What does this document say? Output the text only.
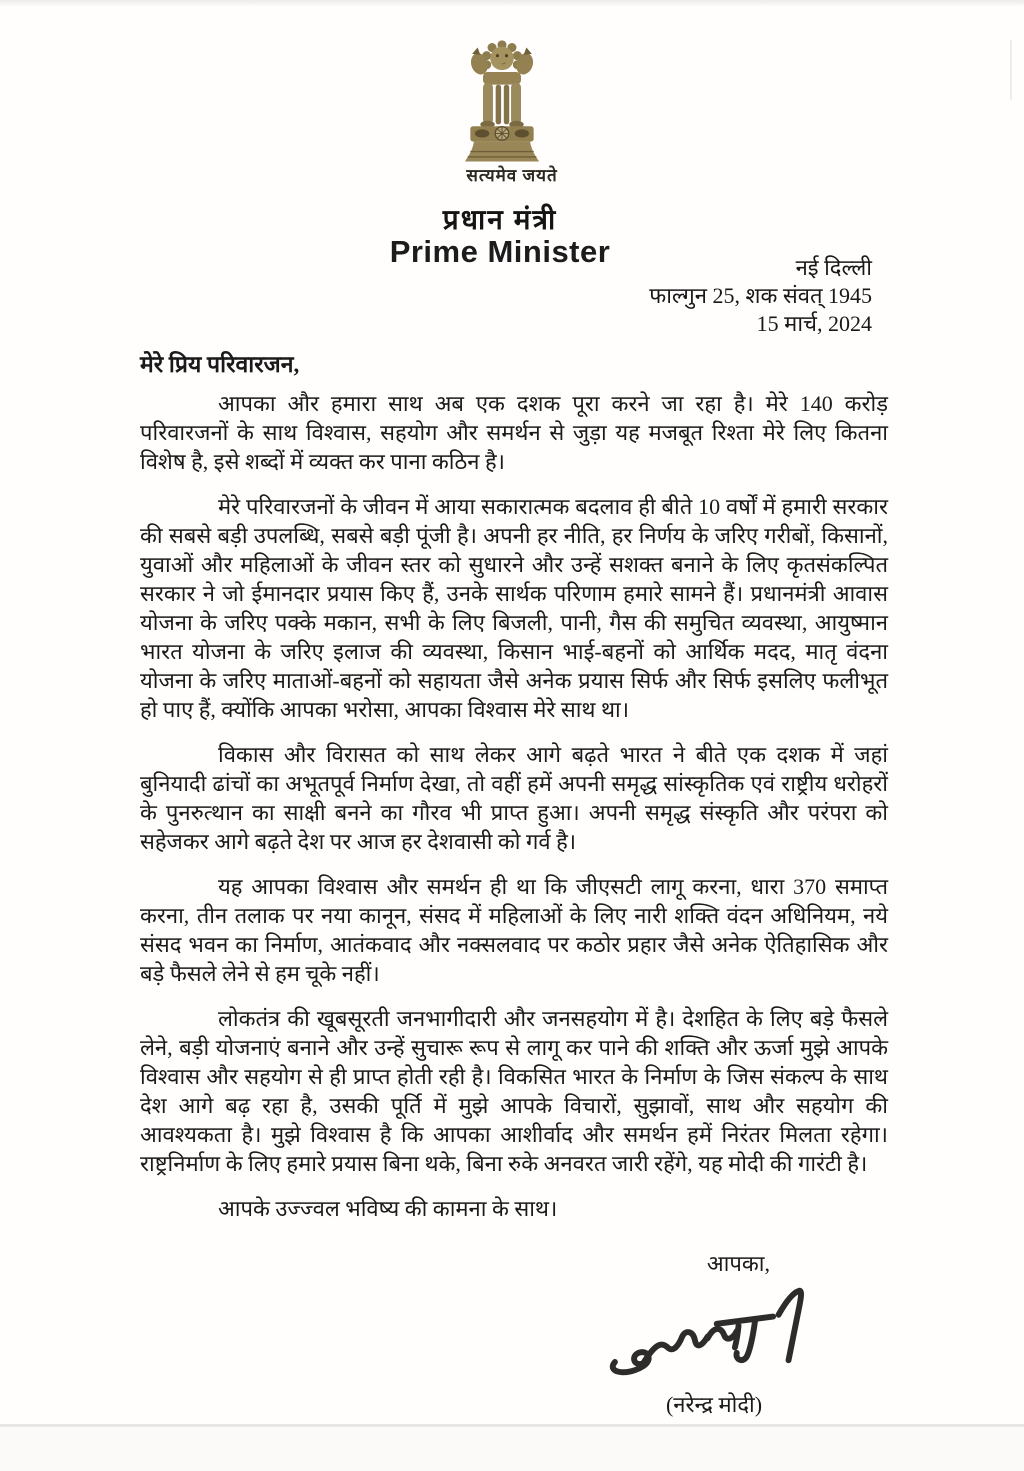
सत्यमेव जयते
प्रधान मंत्री
Prime Minister	नई दिल्ली
फाल्गुन 25, शक संवत् 1945
15 मार्च, 2024
मेरे प्रिय परिवारजन,

आपका और हमारा साथ अब एक दशक पूरा करने जा रहा है। मेरे 140 करोड़ परिवारजनों के साथ विश्वास, सहयोग और समर्थन से जुड़ा यह मजबूत रिश्ता मेरे लिए कितना विशेष है, इसे शब्दों में व्यक्त कर पाना कठिन है।

मेरे परिवारजनों के जीवन में आया सकारात्मक बदलाव ही बीते 10 वर्षों में हमारी सरकार की सबसे बड़ी उपलब्धि, सबसे बड़ी पूंजी है। अपनी हर नीति, हर निर्णय के जरिए गरीबों, किसानों, युवाओं और महिलाओं के जीवन स्तर को सुधारने और उन्हें सशक्त बनाने के लिए कृतसंकल्पित सरकार ने जो ईमानदार प्रयास किए हैं, उनके सार्थक परिणाम हमारे सामने हैं। प्रधानमंत्री आवास योजना के जरिए पक्के मकान, सभी के लिए बिजली, पानी, गैस की समुचित व्यवस्था, आयुष्मान भारत योजना के जरिए इलाज की व्यवस्था, किसान भाई-बहनों को आर्थिक मदद, मातृ वंदना योजना के जरिए माताओं-बहनों को सहायता जैसे अनेक प्रयास सिर्फ और सिर्फ इसलिए फलीभूत हो पाए हैं, क्योंकि आपका भरोसा, आपका विश्वास मेरे साथ था।

विकास और विरासत को साथ लेकर आगे बढ़ते भारत ने बीते एक दशक में जहां बुनियादी ढांचों का अभूतपूर्व निर्माण देखा, तो वहीं हमें अपनी समृद्ध सांस्कृतिक एवं राष्ट्रीय धरोहरों के पुनरुत्थान का साक्षी बनने का गौरव भी प्राप्त हुआ। अपनी समृद्ध संस्कृति और परंपरा को सहेजकर आगे बढ़ते देश पर आज हर देशवासी को गर्व है।

यह आपका विश्वास और समर्थन ही था कि जीएसटी लागू करना, धारा 370 समाप्त करना, तीन तलाक पर नया कानून, संसद में महिलाओं के लिए नारी शक्ति वंदन अधिनियम, नये संसद भवन का निर्माण, आतंकवाद और नक्सलवाद पर कठोर प्रहार जैसे अनेक ऐतिहासिक और बड़े फैसले लेने से हम चूके नहीं।

लोकतंत्र की खूबसूरती जनभागीदारी और जनसहयोग में है। देशहित के लिए बड़े फैसले लेने, बड़ी योजनाएं बनाने और उन्हें सुचारू रूप से लागू कर पाने की शक्ति और ऊर्जा मुझे आपके विश्वास और सहयोग से ही प्राप्त होती रही है। विकसित भारत के निर्माण के जिस संकल्प के साथ देश आगे बढ़ रहा है, उसकी पूर्ति में मुझे आपके विचारों, सुझावों, साथ और सहयोग की आवश्यकता है। मुझे विश्वास है कि आपका आशीर्वाद और समर्थन हमें निरंतर मिलता रहेगा। राष्ट्रनिर्माण के लिए हमारे प्रयास बिना थके, बिना रुके अनवरत जारी रहेंगे, यह मोदी की गारंटी है।

आपके उज्ज्वल भविष्य की कामना के साथ।

आपका,
(नरेन्द्र मोदी)
